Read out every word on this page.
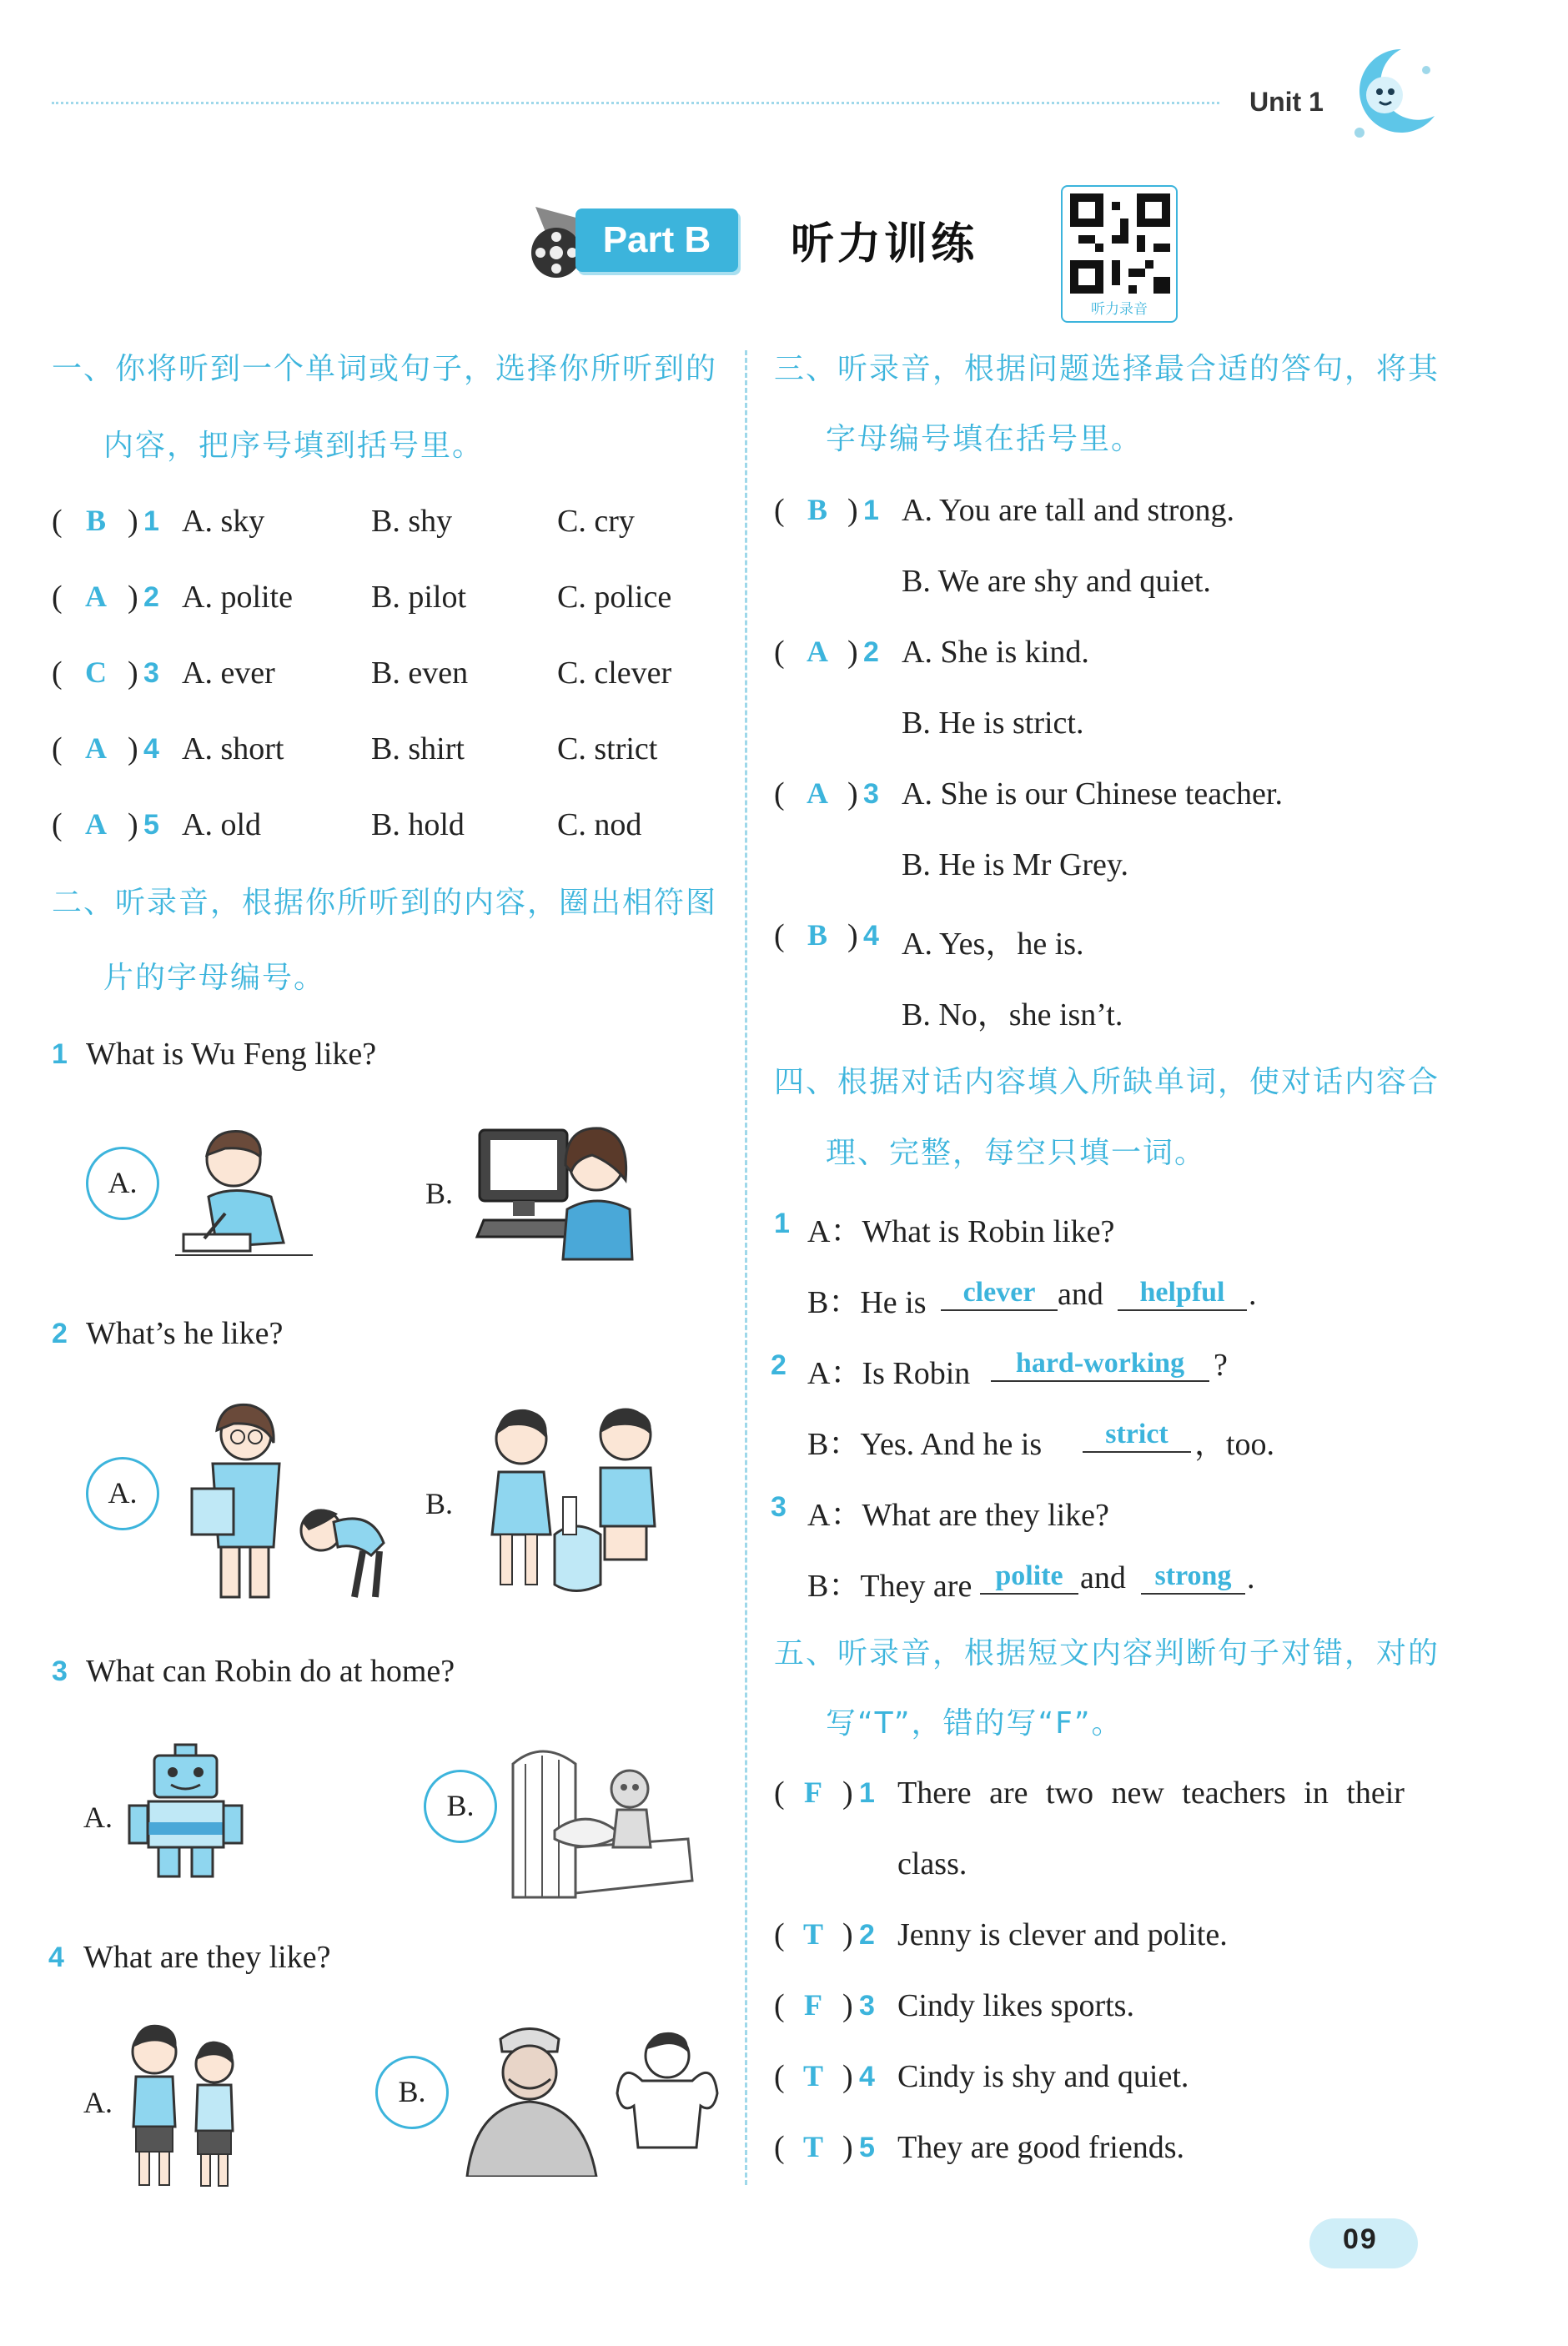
Unit 1
Part B	听力训练
听力录音
一、你将听到一个单词或句子，选择你所听到的
内容，把序号填到括号里。
( B ) 1 A. sky	B. shy	C. cry
( A ) 2 A. polite B. pilot	C. police
( C ) 3 A. ever	B. even	C. clever
( A ) 4 A. short	B. shirt	C. strict
( A ) 5 A. old	B. hold	C. nod
二、听录音，根据你所听到的内容，圈出相符图
片的字母编号。
1 What is Wu Feng like?
A.	B.
2 What’s he like?
A.	B.
3 What can Robin do at home?
A.	B.
4 What are they like?
A.	B.
三、听录音，根据问题选择最合适的答句，将其
字母编号填在括号里。
( B ) 1 A. You are tall and strong.
B. We are shy and quiet.
( A ) 2 A. She is kind.
B. He is strict.
( A ) 3 A. She is our Chinese teacher.
B. He is Mr Grey.
( B ) 4 A. Yes，he is.
B. No，she isn’t.
四、根据对话内容填入所缺单词，使对话内容合
理、完整，每空只填一词。
1 A：What is Robin like?
B：He is	clever and	helpful .
2 A：Is Robin	hard-working ?
B：Yes. And he is	strict ，too.
3 A：What are they like?
B：They are polite and	strong .
五、听录音，根据短文内容判断句子对错，对的
写“T”，错的写“F”。
( F ) 1 There are two new teachers in their
class.
( T ) 2 Jenny is clever and polite.
( F ) 3 Cindy likes sports.
( T ) 4 Cindy is shy and quiet.
( T ) 5 They are good friends.
09
